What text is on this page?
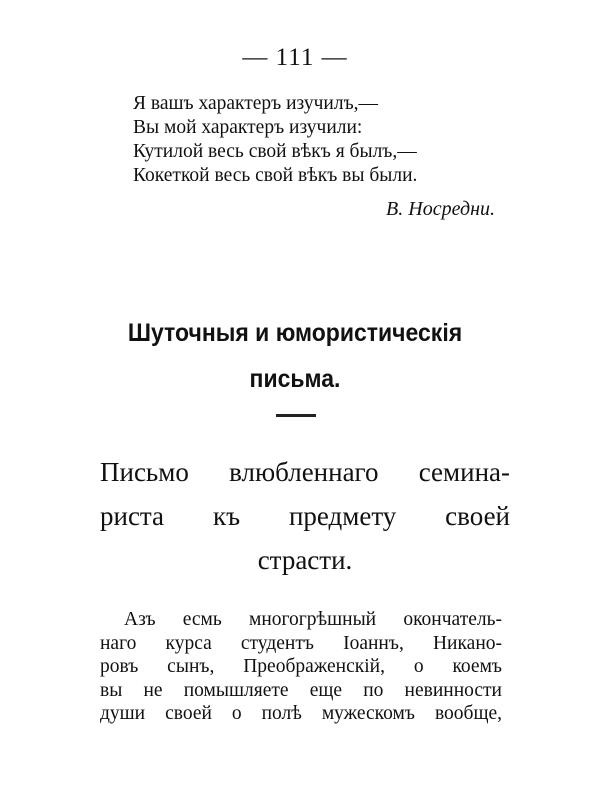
— 111 —
Я вашъ характеръ изучилъ,—
Вы мой характеръ изучили:
Кутилой весь свой вѣкъ я былъ,—
Кокеткой весь свой вѣкъ вы были.
В. Носредни.
Шуточныя и юмористическія
письма.
Письмо влюбленнаго семина-
риста къ предмету своей
страсти.
Азъ есмь многогрѣшный окончатель-
наго курса студентъ Іоаннъ, Никано-
ровъ сынъ, Преображенскій, о коемъ
вы не помышляете еще по невинности
души своей о полѣ мужескомъ вообще,
